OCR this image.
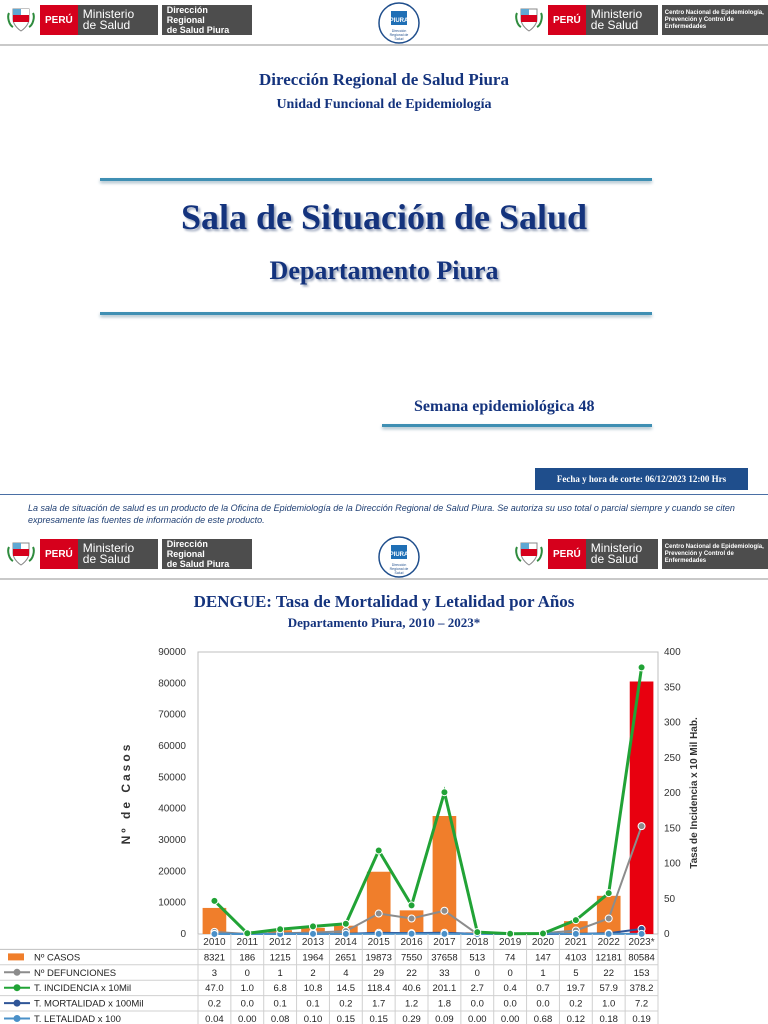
PERÚ Ministerio
de Salud
Dirección Regional
de Salud Piura
PIURA
Dirección
Regional de
Salud
PERÚ Ministerio
de Salud
Centro Nacional de Epidemiología,
Prevención y Control de
Enfermedades
Dirección Regional de Salud Piura
Unidad Funcional de Epidemiología
Sala de Situación de Salud
Departamento Piura
Semana epidemiológica 48
Fecha y hora de corte: 06/12/2023 12:00 Hrs
La sala de situación de salud es un producto de la Oficina de Epidemiología de la Dirección Regional de Salud Piura. Se autoriza su uso total o parcial siempre y cuando se citen expresamente las fuentes de información de este producto.
PERÚ Ministerio
de Salud
Dirección Regional
de Salud Piura
PIURA
Dirección
Regional de
Salud
PERÚ Ministerio
de Salud
Centro Nacional de Epidemiología,
Prevención y Control de
Enfermedades
DENGUE: Tasa de Mortalidad y Letalidad por Años
Departamento Piura, 2010 – 2023*
0
10000
20000
30000
40000
50000
60000
70000
80000
90000
0
50
100
150
200
250
300
350
400
Nº de Casos	Tasa de Incidencia x 10 Mil Hab.
2010 2011 2012 2013 2014 2015 2016 2017 2018 2019 2020 2021 2022 2023*
Nº CASOS	8321 186 1215 1964 2651 19873 7550 37658 513 74 147 4103 12181 80584
Nº DEFUNCIONES	3	0	1	2	4	29 22 33	0	0	1	5	22 153
T. INCIDENCIA x 10Mil	47.0 1.0 6.8 10.8 14.5 118.4 40.6 201.1 2.7 0.4 0.7 19.7 57.9 378.2
T. MORTALIDAD x 100Mil	0.2 0.0 0.1 0.1 0.2 1.7 1.2 1.8 0.0 0.0 0.0 0.2 1.0 7.2
T. LETALIDAD x 100	0.04 0.00 0.08 0.10 0.15 0.15 0.29 0.09 0.00 0.00 0.68 0.12 0.18 0.19
